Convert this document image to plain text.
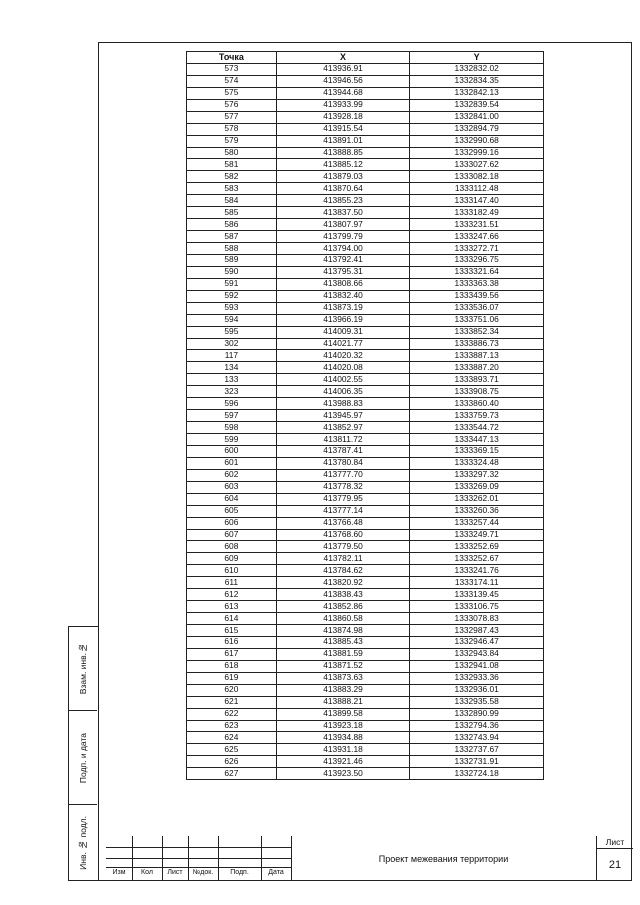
Взам. инв.№
Подп. и дата
Инв. № подл.
Точка	X	Y
573	413936.91	1332832.02
574	413946.56	1332834.35
575	413944.68	1332842.13
576	413933.99	1332839.54
577	413928.18	1332841.00
578	413915.54	1332894.79
579	413891.01	1332990.68
580	413888.85	1332999.16
581	413885.12	1333027.62
582	413879.03	1333082.18
583	413870.64	1333112.48
584	413855.23	1333147.40
585	413837.50	1333182.49
586	413807.97	1333231.51
587	413799.79	1333247.66
588	413794.00	1333272.71
589	413792.41	1333296.75
590	413795.31	1333321.64
591	413808.66	1333363.38
592	413832.40	1333439.56
593	413873.19	1333536.07
594	413966.19	1333751.06
595	414009.31	1333852.34
302	414021.77	1333886.73
117	414020.32	1333887.13
134	414020.08	1333887.20
133	414002.55	1333893.71
323	414006.35	1333908.75
596	413988.83	1333860.40
597	413945.97	1333759.73
598	413852.97	1333544.72
599	413811.72	1333447.13
600	413787.41	1333369.15
601	413780.84	1333324.48
602	413777.70	1333297.32
603	413778.32	1333269.09
604	413779.95	1333262.01
605	413777.14	1333260.36
606	413766.48	1333257.44
607	413768.60	1333249.71
608	413779.50	1333252.69
609	413782.11	1333252.67
610	413784.62	1333241.76
611	413820.92	1333174.11
612	413838.43	1333139.45
613	413852.86	1333106.75
614	413860.58	1333078.83
615	413874.98	1332987.43
616	413885.43	1332946.47
617	413881.59	1332943.84
618	413871.52	1332941.08
619	413873.63	1332933.36
620	413883.29	1332936.01
621	413888.21	1332935.58
622	413899.58	1332890.99
623	413923.18	1332794.36
624	413934.88	1332743.94
625	413931.18	1332737.67
626	413921.46	1332731.91
627	413923.50	1332724.18
Изм	Кол	Лист	№док.	Подп.	Дата
Проект межевания территории
Лист
21
